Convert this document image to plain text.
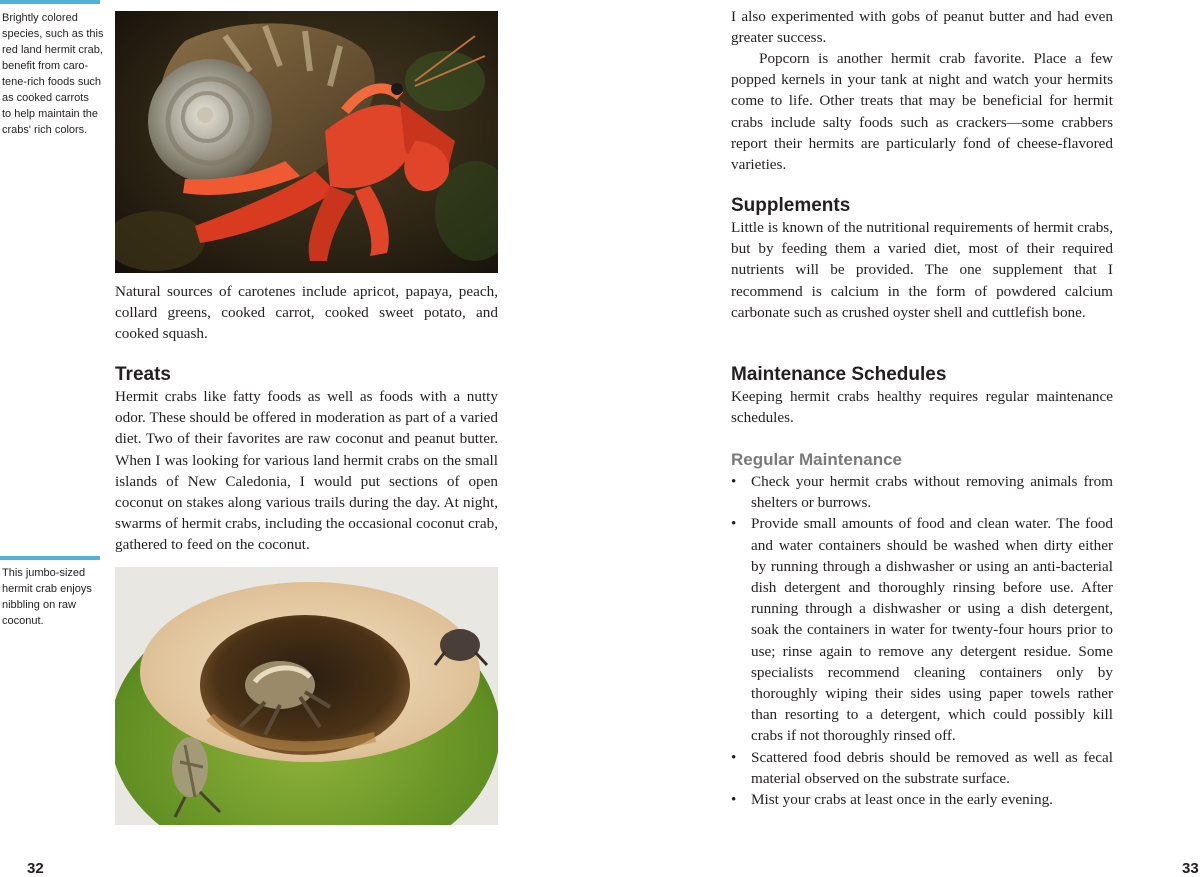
Brightly colored
species, such as this
red land hermit crab,
benefit from caro-
tene-rich foods such
as cooked carrots
to help maintain the
crabs' rich colors.

Natural sources of carotenes include apricot, papaya, peach, collard greens, cooked carrot, cooked sweet potato, and cooked squash.

Treats

Hermit crabs like fatty foods as well as foods with a nutty odor. These should be offered in moderation as part of a varied diet. Two of their favorites are raw coconut and peanut butter. When I was looking for various land hermit crabs on the small islands of New Caledonia, I would put sections of open coconut on stakes along various trails during the day. At night, swarms of hermit crabs, including the occasional coconut crab, gathered to feed on the coconut.

This jumbo-sized
hermit crab enjoys
nibbling on raw
coconut.
32

I also experimented with gobs of peanut butter and had even greater success.

Popcorn is another hermit crab favorite. Place a few popped kernels in your tank at night and watch your hermits come to life. Other treats that may be beneficial for hermit crabs include salty foods such as crackers—some crabbers report their hermits are particularly fond of cheese-flavored varieties.

Supplements

Little is known of the nutritional requirements of hermit crabs, but by feeding them a varied diet, most of their required nutrients will be provided. The one supplement that I recommend is calcium in the form of powdered calcium carbonate such as crushed oyster shell and cuttlefish bone.

Maintenance Schedules

Keeping hermit crabs healthy requires regular maintenance schedules.

Regular Maintenance
• Check your hermit crabs without removing animals from shelters or burrows.
• Provide small amounts of food and clean water. The food and water containers should be washed when dirty either by running through a dishwasher or using an anti-bacterial dish detergent and thoroughly rinsing before use. After running through a dishwasher or using a dish detergent, soak the containers in water for twenty-four hours prior to use; rinse again to remove any detergent residue. Some specialists recommend cleaning containers only by thoroughly wiping their sides using paper towels rather than resorting to a detergent, which could possibly kill crabs if not thoroughly rinsed off.
• Scattered food debris should be removed as well as fecal material observed on the substrate surface.
• Mist your crabs at least once in the early evening.
33
